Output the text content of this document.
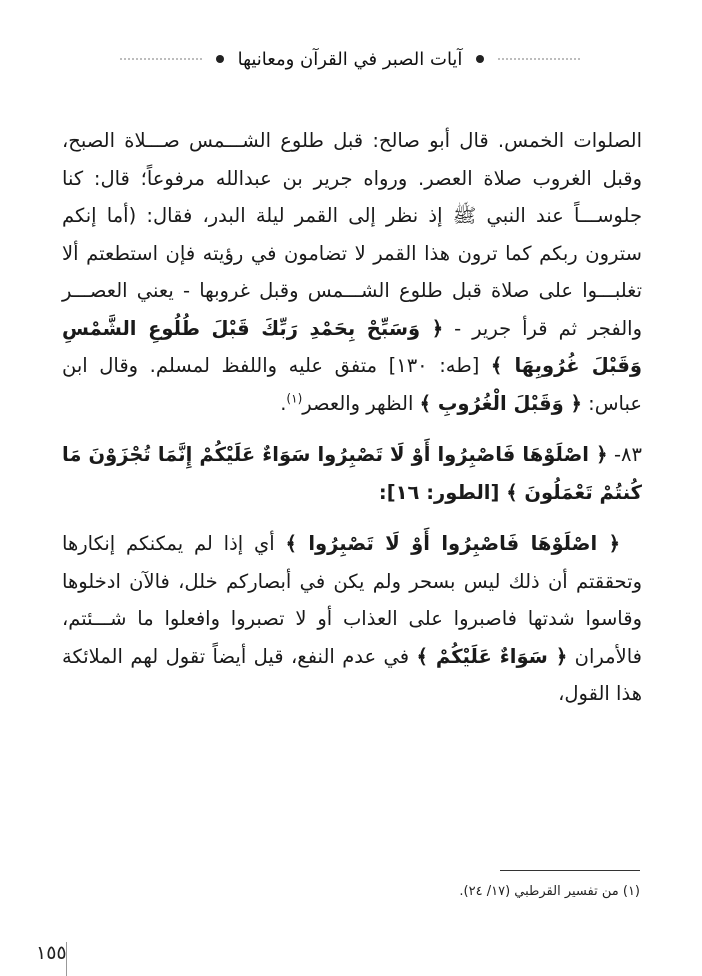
آيات الصبر في القرآن ومعانيها

الصلوات الخمس. قال أبو صالح: قبل طلوع الشـــمس صـــلاة الصبح، وقبل الغروب صلاة العصر. ورواه جرير بن عبدالله مرفوعاً؛ قال: كنا جلوســـاً عند النبي ﷺ إذ نظر إلى القمر ليلة البدر، فقال: (أما إنكم سترون ربكم كما ترون هذا القمر لا تضامون في رؤيته فإن استطعتم ألا تغلبـــوا على صلاة قبل طلوع الشـــمس وقبل غروبها - يعني العصـــر والفجر ثم قرأ جرير - ﴿ وَسَبِّحْ بِحَمْدِ رَبِّكَ قَبْلَ طُلُوعِ الشَّمْسِ وَقَبْلَ غُرُوبِهَا ﴾ [طه: ١٣٠] متفق عليه واللفظ لمسلم. وقال ابن عباس: ﴿ وَقَبْلَ الْغُرُوبِ ﴾ الظهر والعصر$^{(١)}$.

٨٣- ﴿ اصْلَوْهَا فَاصْبِرُوا أَوْ لَا تَصْبِرُوا سَوَاءٌ عَلَيْكُمْ إِنَّمَا تُجْزَوْنَ مَا كُنتُمْ تَعْمَلُونَ ﴾ [الطور: ١٦]:

﴿ اصْلَوْهَا فَاصْبِرُوا أَوْ لَا تَصْبِرُوا ﴾ أي إذا لم يمكنكم إنكارها وتحققتم أن ذلك ليس بسحر ولم يكن في أبصاركم خلل، فالآن ادخلوها وقاسوا شدتها فاصبروا على العذاب أو لا تصبروا وافعلوا ما شـــئتم، فالأمران ﴿ سَوَاءٌ عَلَيْكُمْ ﴾ في عدم النفع، قيل أيضاً تقول لهم الملائكة هذا القول،

(١) من تفسير القرطبي (١٧/ ٢٤).
١٥٥
